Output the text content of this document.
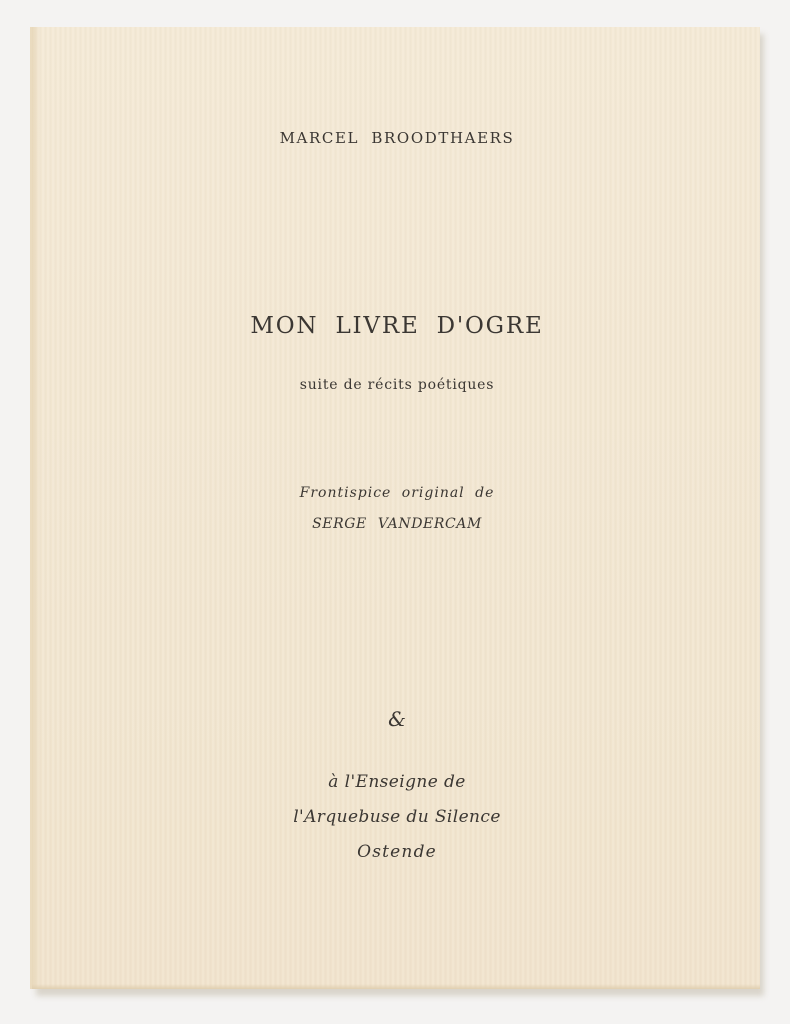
MARCEL BROODTHAERS
MON LIVRE D'OGRE
suite de récits poétiques
Frontispice original de
SERGE VANDERCAM
&
à l'Enseigne de
l'Arquebuse du Silence
Ostende
